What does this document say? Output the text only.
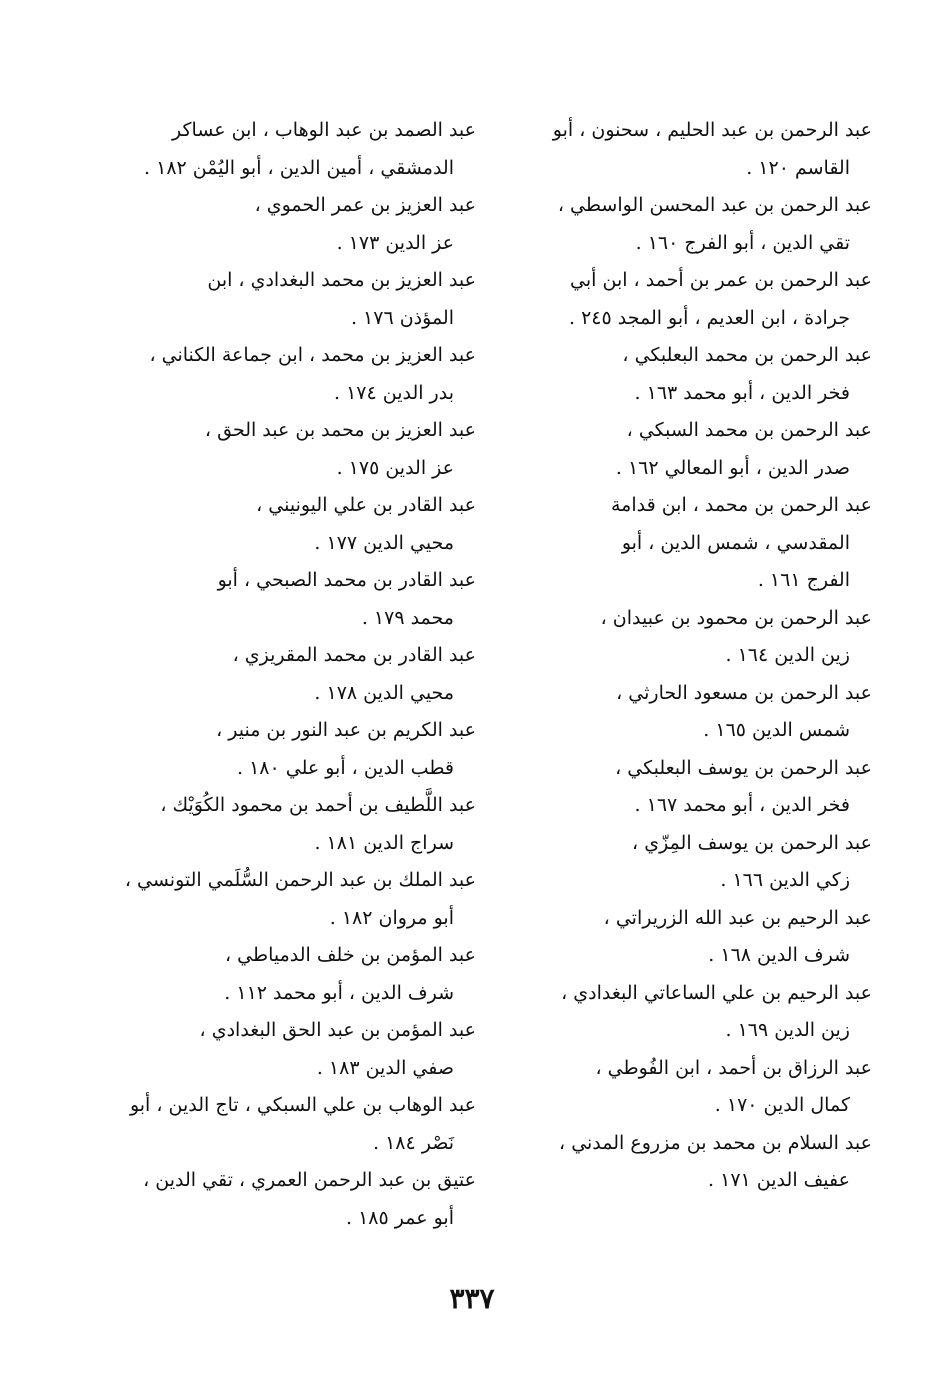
عبد الرحمن بن عبد الحليم ، سحنون ، أبو
القاسم ١٢٠ .
عبد الرحمن بن عبد المحسن الواسطي ،
تقي الدين ، أبو الفرج ١٦٠ .
عبد الرحمن بن عمر بن أحمد ، ابن أبي
جرادة ، ابن العديم ، أبو المجد ٢٤٥ .
عبد الرحمن بن محمد البعلبكي ،
فخر الدين ، أبو محمد ١٦٣ .
عبد الرحمن بن محمد السبكي ،
صدر الدين ، أبو المعالي ١٦٢ .
عبد الرحمن بن محمد ، ابن قدامة
المقدسي ، شمس الدين ، أبو
الفرج ١٦١ .
عبد الرحمن بن محمود بن عبيدان ،
زين الدين ١٦٤ .
عبد الرحمن بن مسعود الحارثي ،
شمس الدين ١٦٥ .
عبد الرحمن بن يوسف البعلبكي ،
فخر الدين ، أبو محمد ١٦٧ .
عبد الرحمن بن يوسف المِزّي ،
زكي الدين ١٦٦ .
عبد الرحيم بن عبد الله الزريراتي ،
شرف الدين ١٦٨ .
عبد الرحيم بن علي الساعاتي البغدادي ،
زين الدين ١٦٩ .
عبد الرزاق بن أحمد ، ابن الفُوطي ،
كمال الدين ١٧٠ .
عبد السلام بن محمد بن مزروع المدني ،
عفيف الدين ١٧١ .
عبد الصمد بن عبد الوهاب ، ابن عساكر
الدمشقي ، أمين الدين ، أبو اليُمْن ١٨٢ .
عبد العزيز بن عمر الحموي ،
عز الدين ١٧٣ .
عبد العزيز بن محمد البغدادي ، ابن
المؤذن ١٧٦ .
عبد العزيز بن محمد ، ابن جماعة الكناني ،
بدر الدين ١٧٤ .
عبد العزيز بن محمد بن عبد الحق ،
عز الدين ١٧٥ .
عبد القادر بن علي اليونيني ،
محيي الدين ١٧٧ .
عبد القادر بن محمد الصبحي ، أبو
محمد ١٧٩ .
عبد القادر بن محمد المقريزي ،
محيي الدين ١٧٨ .
عبد الكريم بن عبد النور بن منير ،
قطب الدين ، أبو علي ١٨٠ .
عبد اللَّطيف بن أحمد بن محمود الكُوَيْك ،
سراج الدين ١٨١ .
عبد الملك بن عبد الرحمن السُّلَمي التونسي ،
أبو مروان ١٨٢ .
عبد المؤمن بن خلف الدمياطي ،
شرف الدين ، أبو محمد ١١٢ .
عبد المؤمن بن عبد الحق البغدادي ،
صفي الدين ١٨٣ .
عبد الوهاب بن علي السبكي ، تاج الدين ، أبو
نَصْر ١٨٤ .
عتيق بن عبد الرحمن العمري ، تقي الدين ،
أبو عمر ١٨٥ .
٣٣٧
